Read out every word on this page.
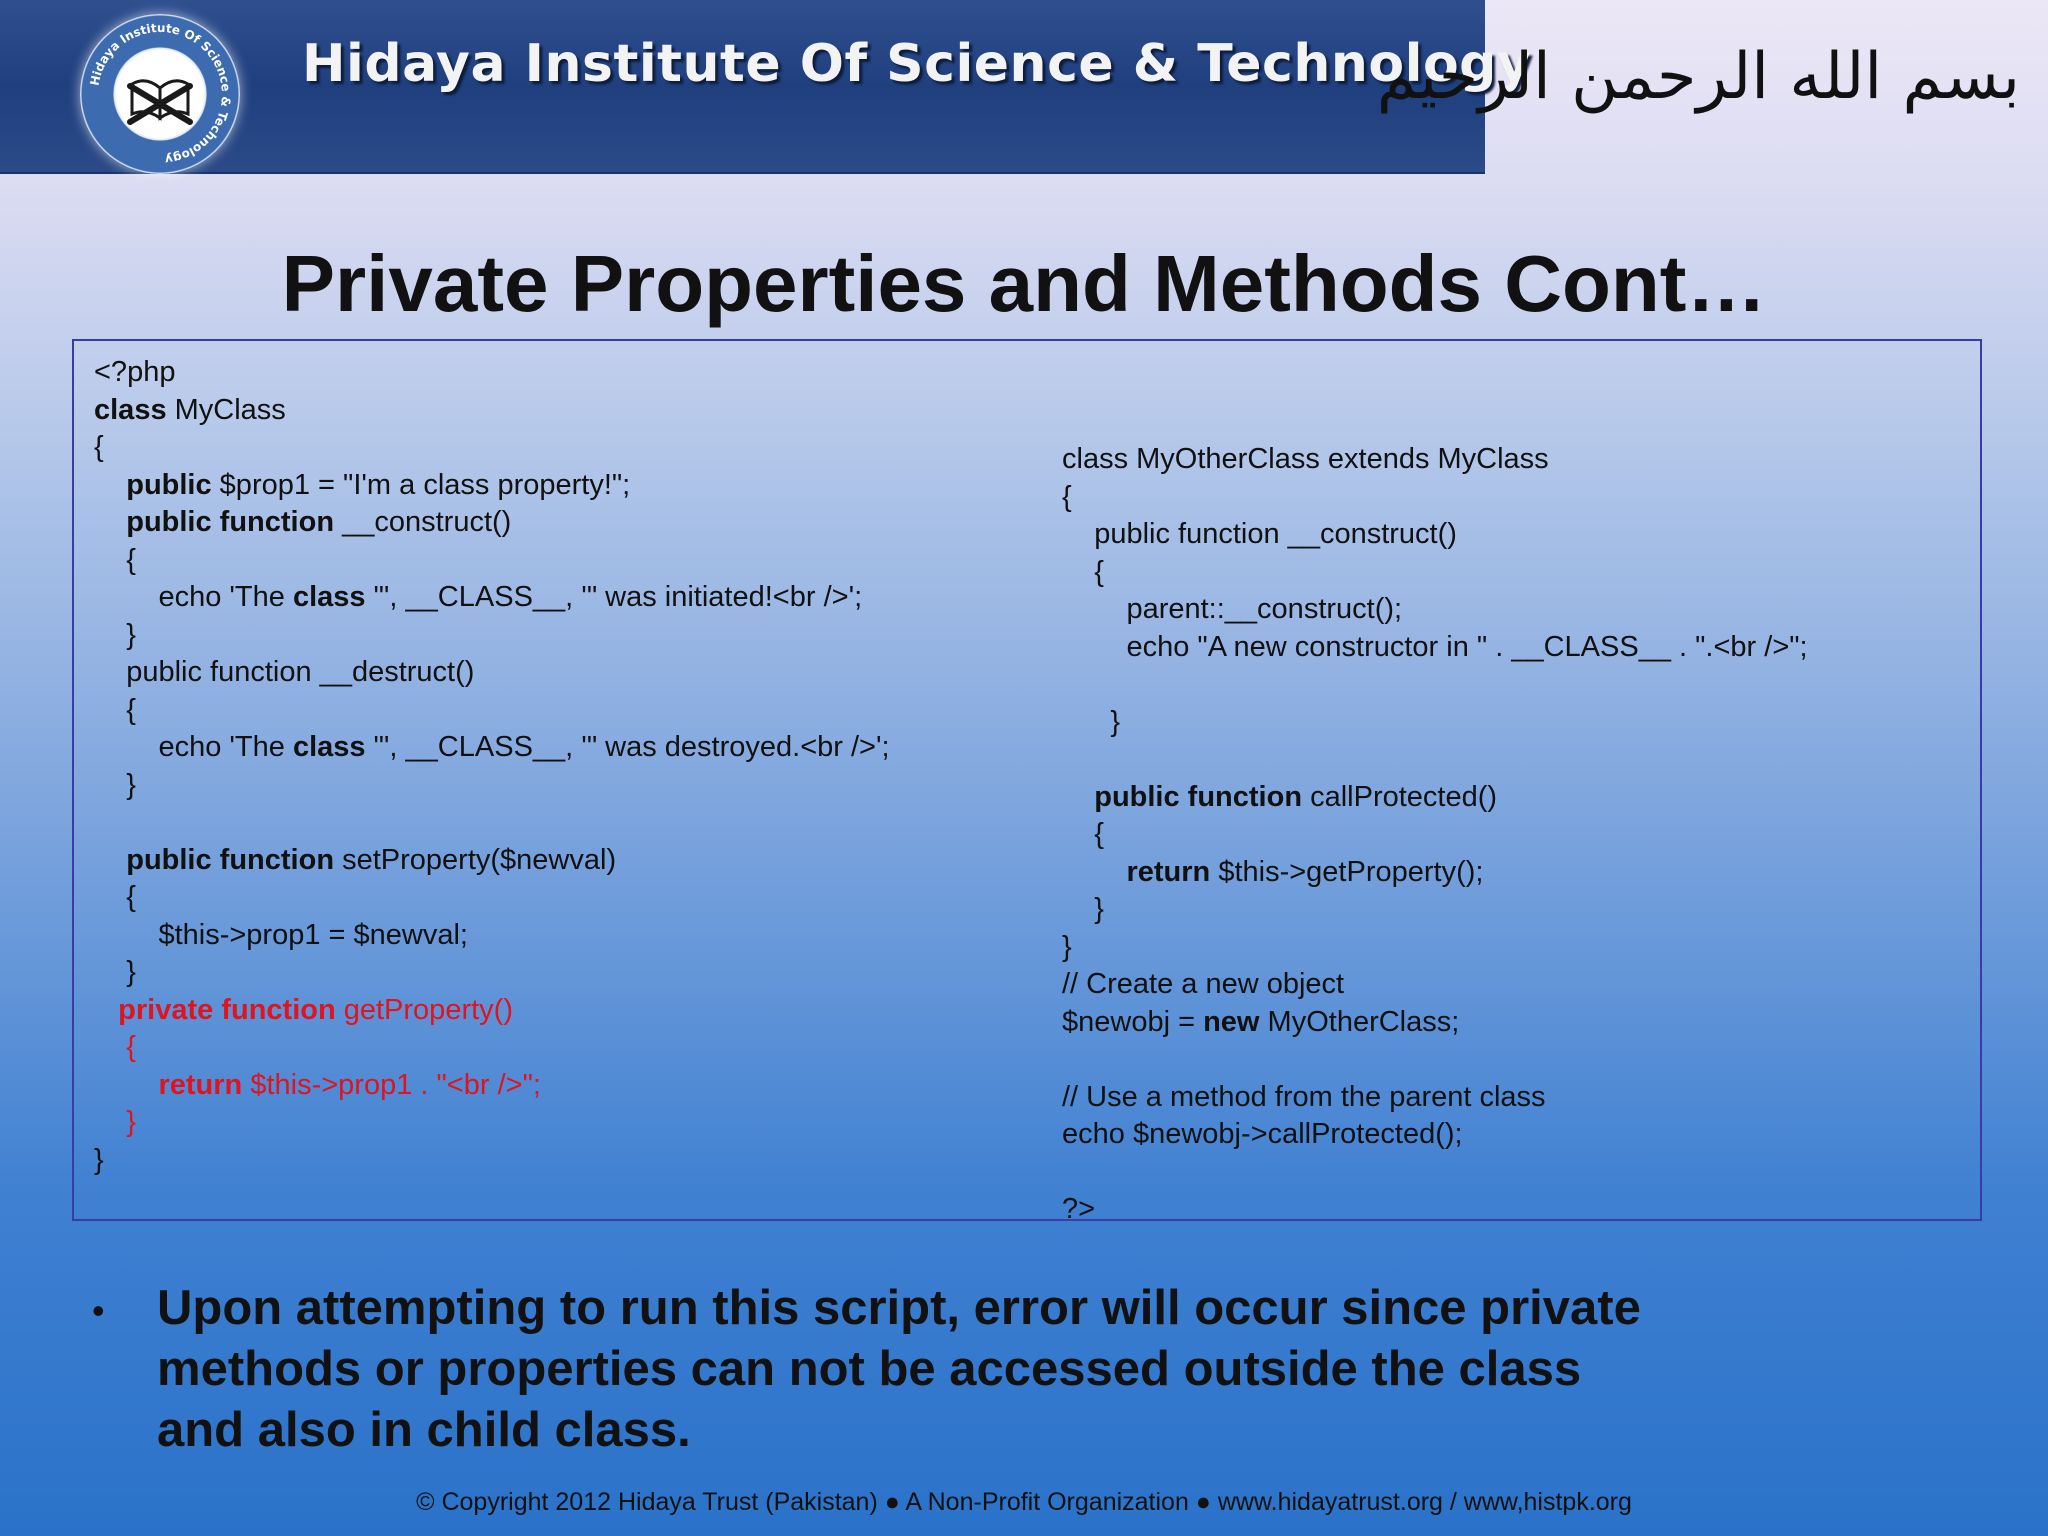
Hidaya Institute Of Science & Technology
Hidaya Institute Of Science & Technology
بسم الله الرحمن الرحيم
Private Properties and Methods Cont…
<?php
class MyClass
{
public $prop1 = "I'm a class property!";
public function __construct()
{
echo 'The class "', __CLASS__, '" was initiated!<br />';
}
public function __destruct()
{
echo 'The class "', __CLASS__, '" was destroyed.<br />';
}
public function setProperty($newval)
{
$this->prop1 = $newval;
}
private function getProperty()
{
return $this->prop1 . "<br />";
}
}
class MyOtherClass extends MyClass
{
public function __construct()
{
parent::__construct();
echo "A new constructor in " . __CLASS__ . ".<br />";
}
public function callProtected()
{
return $this->getProperty();
}
}
// Create a new object
$newobj = new MyOtherClass;
// Use a method from the parent class
echo $newobj->callProtected();
?>
• Upon attempting to run this script, error will occur since private methods or properties can not be accessed outside the class and also in child class.
© Copyright 2012 Hidaya Trust (Pakistan) ● A Non-Profit Organization ● www.hidayatrust.org / www,histpk.org
